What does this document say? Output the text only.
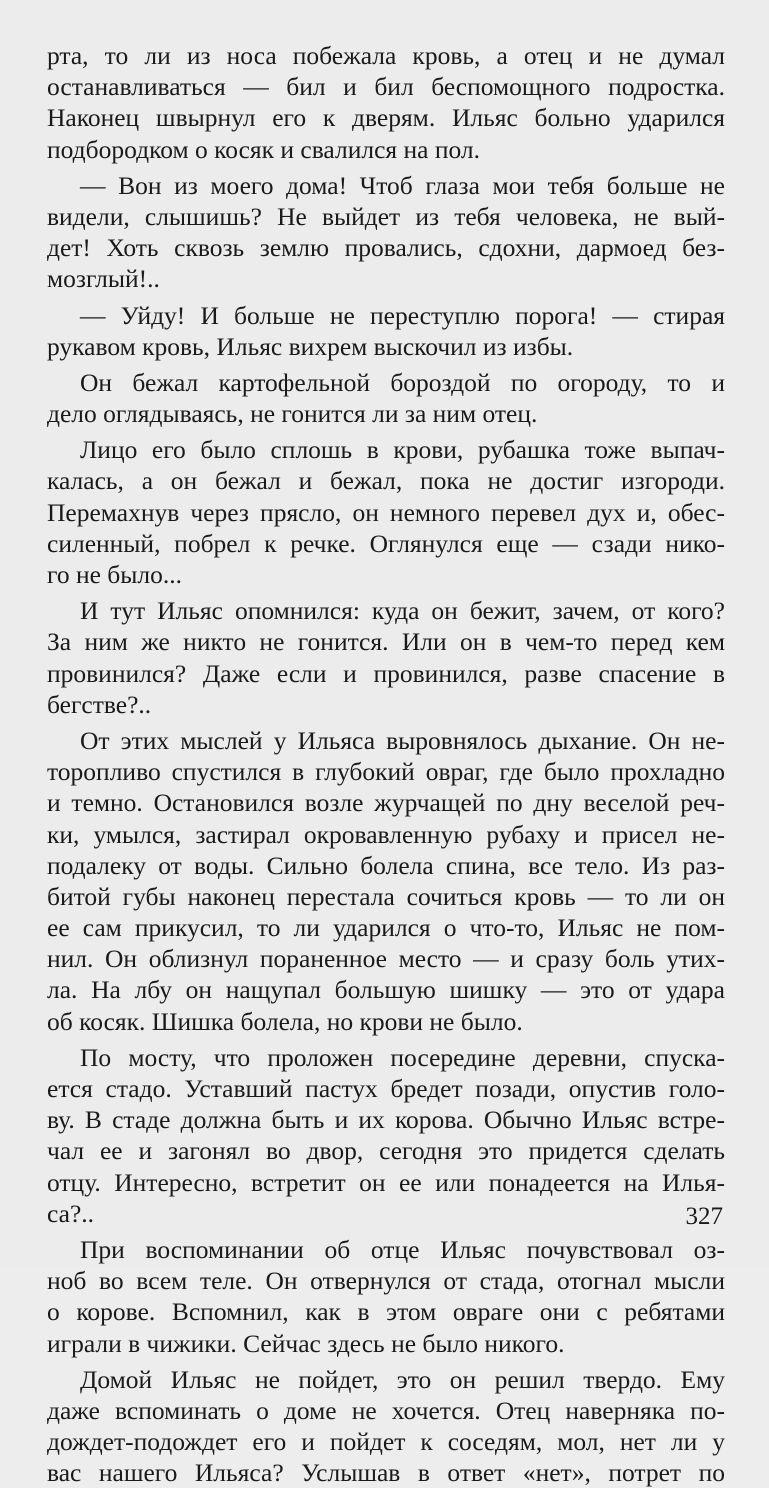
рта, то ли из носа побежала кровь, а отец и не думал
останавливаться — бил и бил беспомощного подростка.
Наконец швырнул его к дверям. Ильяс больно ударился
подбородком о косяк и свалился на пол.
— Вон из моего дома! Чтоб глаза мои тебя больше не
видели, слышишь? Не выйдет из тебя человека, не вый-
дет! Хоть сквозь землю провались, сдохни, дармоед без-
мозглый!..
— Уйду! И больше не переступлю порога! — стирая
рукавом кровь, Ильяс вихрем выскочил из избы.
Он бежал картофельной бороздой по огороду, то и
дело оглядываясь, не гонится ли за ним отец.
Лицо его было сплошь в крови, рубашка тоже выпач-
калась, а он бежал и бежал, пока не достиг изгороди.
Перемахнув через прясло, он немного перевел дух и, обес-
силенный, побрел к речке. Оглянулся еще — сзади нико-
го не было...
И тут Ильяс опомнился: куда он бежит, зачем, от кого?
За ним же никто не гонится. Или он в чем-то перед кем
провинился? Даже если и провинился, разве спасение в
бегстве?..
От этих мыслей у Ильяса выровнялось дыхание. Он не-
торопливо спустился в глубокий овраг, где было прохладно
и темно. Остановился возле журчащей по дну веселой реч-
ки, умылся, застирал окровавленную рубаху и присел не-
подалеку от воды. Сильно болела спина, все тело. Из раз-
битой губы наконец перестала сочиться кровь — то ли он
ее сам прикусил, то ли ударился о что-то, Ильяс не пом-
нил. Он облизнул пораненное место — и сразу боль утих-
ла. На лбу он нащупал большую шишку — это от удара
об косяк. Шишка болела, но крови не было.
По мосту, что проложен посередине деревни, спуска-
ется стадо. Уставший пастух бредет позади, опустив голо-
ву. В стаде должна быть и их корова. Обычно Ильяс встре-
чал ее и загонял во двор, сегодня это придется сделать
отцу. Интересно, встретит он ее или понадеется на Илья-
са?..
При воспоминании об отце Ильяс почувствовал оз-
ноб во всем теле. Он отвернулся от стада, отогнал мысли
о корове. Вспомнил, как в этом овраге они с ребятами
играли в чижики. Сейчас здесь не было никого.
Домой Ильяс не пойдет, это он решил твердо. Ему
даже вспоминать о доме не хочется. Отец наверняка по-
дождет-подождет его и пойдет к соседям, мол, нет ли у
вас нашего Ильяса? Услышав в ответ «нет», потрет по
327
